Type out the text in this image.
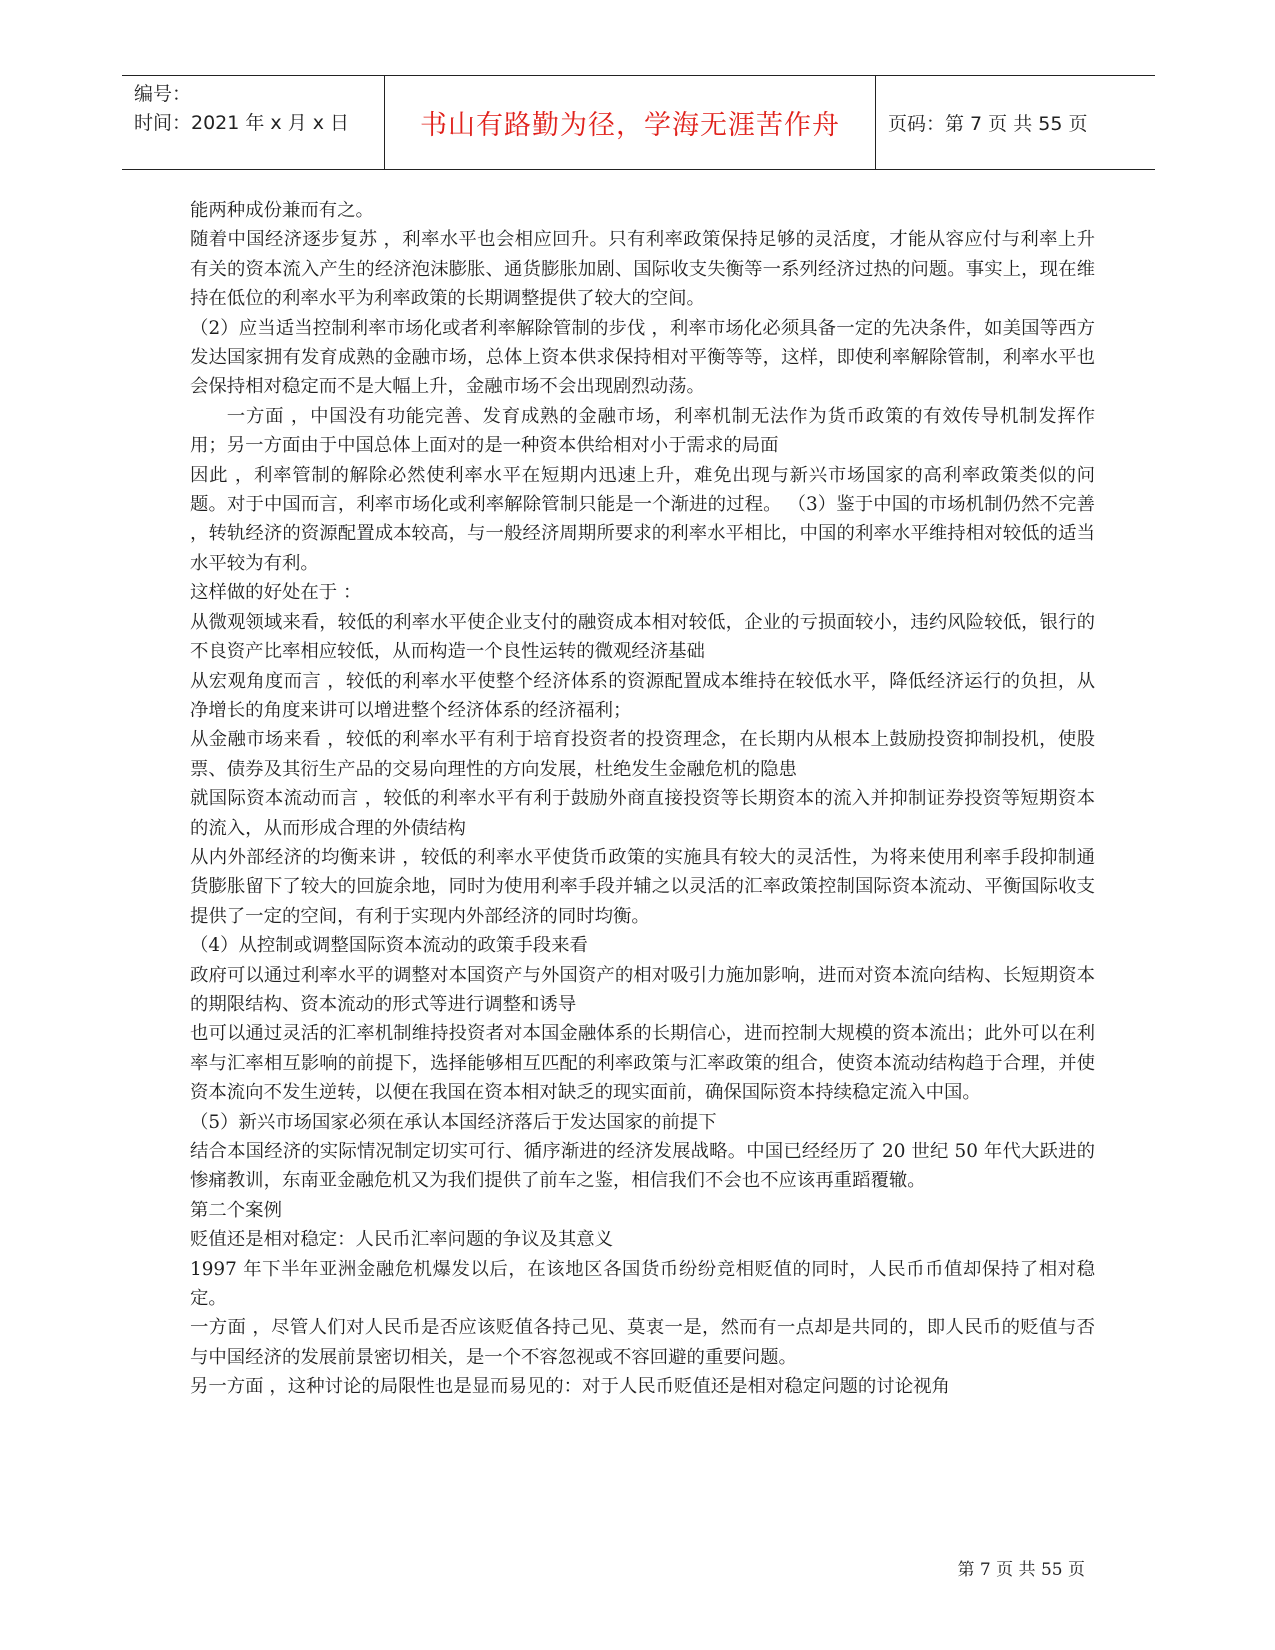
编号：
时间：2021 年 x 月 x 日	书山有路勤为径，学海无涯苦作舟	页码：第 7 页 共 55 页

能两种成份兼而有之。

随着中国经济逐步复苏 ，利率水平也会相应回升。只有利率政策保持足够的灵活度，才能从容应付与利率上升有关的资本流入产生的经济泡沫膨胀、通货膨胀加剧、国际收支失衡等一系列经济过热的问题。事实上，现在维持在低位的利率水平为利率政策的长期调整提供了较大的空间。

（2）应当适当控制利率市场化或者利率解除管制的步伐 ，利率市场化必须具备一定的先决条件，如美国等西方发达国家拥有发育成熟的金融市场，总体上资本供求保持相对平衡等等，这样，即使利率解除管制，利率水平也会保持相对稳定而不是大幅上升，金融市场不会出现剧烈动荡。

一方面 ，中国没有功能完善、发育成熟的金融市场，利率机制无法作为货币政策的有效传导机制发挥作用；另一方面由于中国总体上面对的是一种资本供给相对小于需求的局面

因此 ，利率管制的解除必然使利率水平在短期内迅速上升，难免出现与新兴市场国家的高利率政策类似的问题。对于中国而言，利率市场化或利率解除管制只能是一个渐进的过程。 （3）鉴于中国的市场机制仍然不完善 ，转轨经济的资源配置成本较高，与一般经济周期所要求的利率水平相比，中国的利率水平维持相对较低的适当水平较为有利。

这样做的好处在于 ：

从微观领域来看，较低的利率水平使企业支付的融资成本相对较低，企业的亏损面较小，违约风险较低，银行的不良资产比率相应较低，从而构造一个良性运转的微观经济基础

从宏观角度而言 ，较低的利率水平使整个经济体系的资源配置成本维持在较低水平，降低经济运行的负担，从净增长的角度来讲可以增进整个经济体系的经济福利；

从金融市场来看 ，较低的利率水平有利于培育投资者的投资理念，在长期内从根本上鼓励投资抑制投机，使股票、债券及其衍生产品的交易向理性的方向发展，杜绝发生金融危机的隐患

就国际资本流动而言 ，较低的利率水平有利于鼓励外商直接投资等长期资本的流入并抑制证券投资等短期资本的流入，从而形成合理的外债结构

从内外部经济的均衡来讲 ，较低的利率水平使货币政策的实施具有较大的灵活性，为将来使用利率手段抑制通货膨胀留下了较大的回旋余地，同时为使用利率手段并辅之以灵活的汇率政策控制国际资本流动、平衡国际收支提供了一定的空间，有利于实现内外部经济的同时均衡。

（4）从控制或调整国际资本流动的政策手段来看

政府可以通过利率水平的调整对本国资产与外国资产的相对吸引力施加影响，进而对资本流向结构、长短期资本的期限结构、资本流动的形式等进行调整和诱导

也可以通过灵活的汇率机制维持投资者对本国金融体系的长期信心，进而控制大规模的资本流出；此外可以在利率与汇率相互影响的前提下，选择能够相互匹配的利率政策与汇率政策的组合，使资本流动结构趋于合理，并使资本流向不发生逆转，以便在我国在资本相对缺乏的现实面前，确保国际资本持续稳定流入中国。

（5）新兴市场国家必须在承认本国经济落后于发达国家的前提下

结合本国经济的实际情况制定切实可行、循序渐进的经济发展战略。中国已经经历了 20 世纪 50 年代大跃进的惨痛教训，东南亚金融危机又为我们提供了前车之鉴，相信我们不会也不应该再重蹈覆辙。

第二个案例

贬值还是相对稳定：人民币汇率问题的争议及其意义

1997 年下半年亚洲金融危机爆发以后，在该地区各国货币纷纷竞相贬值的同时，人民币币值却保持了相对稳定。

一方面 ，尽管人们对人民币是否应该贬值各持己见、莫衷一是，然而有一点却是共同的，即人民币的贬值与否与中国经济的发展前景密切相关，是一个不容忽视或不容回避的重要问题。

另一方面 ，这种讨论的局限性也是显而易见的：对于人民币贬值还是相对稳定问题的讨论视角

第 7 页 共 55 页
